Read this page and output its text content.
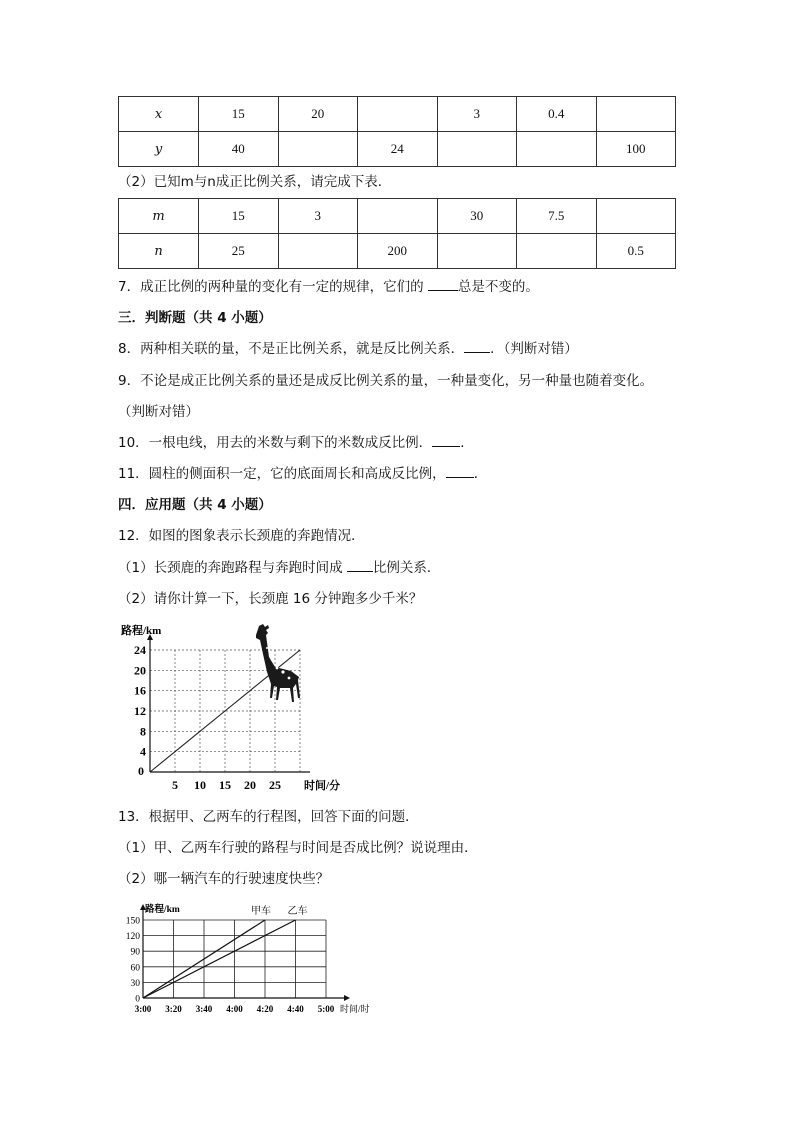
x	15	20		3	0.4	
y	40		24			100
（2）已知m与n成正比例关系，请完成下表．
m	15	3		30	7.5	
n	25		200			0.5
7．成正比例的两种量的变化有一定的规律，它们的 总是不变的。
三．判断题（共 4 小题）
8．两种相关联的量，不是正比例关系，就是反比例关系． ．（判断对错）
9．不论是成正比例关系的量还是成反比例关系的量，一种量变化，另一种量也随着变化。
（判断对错）
10．一根电线，用去的米数与剩下的米数成反比例． ．
11．圆柱的侧面积一定，它的底面周长和高成反比例， ．
四．应用题（共 4 小题）
12．如图的图象表示长颈鹿的奔跑情况．
（1）长颈鹿的奔跑路程与奔跑时间成 比例关系．
（2）请你计算一下，长颈鹿 16 分钟跑多少千米？
4
8
12
16
20
24
0
5 10 15 20 25 时间/分
路程/km
13．根据甲、乙两车的行程图，回答下面的问题．
（1）甲、乙两车行驶的路程与时间是否成比例？说说理由．
（2）哪一辆汽车的行驶速度快些？
甲车 乙车
0
30
60
90
120
150
3:00 3:20 3:40 4:00 4:20 4:40 5:00 时间/时
路程/km
